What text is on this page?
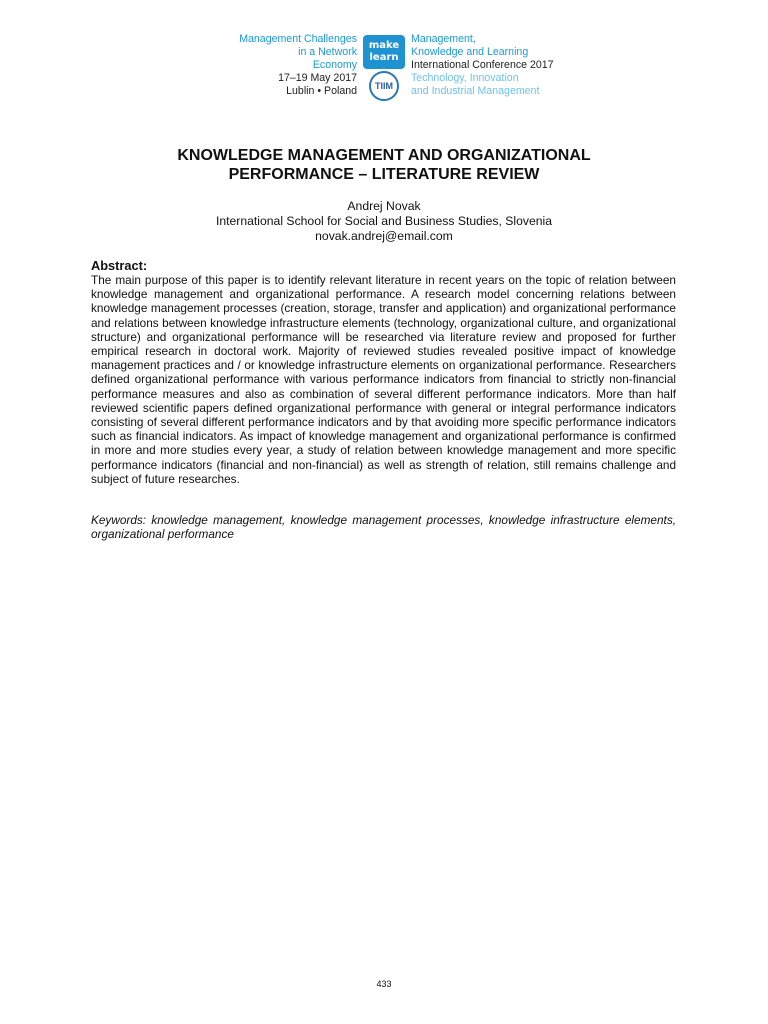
Management Challenges
in a Network
Economy
17–19 May 2017
Lublin • Poland
make
learn
TIIM
Management,
Knowledge and Learning
International Conference 2017
Technology, Innovation
and Industrial Management
KNOWLEDGE MANAGEMENT AND ORGANIZATIONAL
PERFORMANCE – LITERATURE REVIEW
Andrej Novak
International School for Social and Business Studies, Slovenia
novak.andrej@email.com
Abstract:
The main purpose of this paper is to identify relevant literature in recent years on the topic of relation between knowledge management and organizational performance. A research model concerning relations between knowledge management processes (creation, storage, transfer and application) and organizational performance and relations between knowledge infrastructure elements (technology, organizational culture, and organizational structure) and organizational performance will be researched via literature review and proposed for further empirical research in doctoral work. Majority of reviewed studies revealed positive impact of knowledge management practices and / or knowledge infrastructure elements on organizational performance. Researchers defined organizational performance with various performance indicators from financial to strictly non-financial performance measures and also as combination of several different performance indicators. More than half reviewed scientific papers defined organizational performance with general or integral performance indicators consisting of several different performance indicators and by that avoiding more specific performance indicators such as financial indicators. As impact of knowledge management and organizational performance is confirmed in more and more studies every year, a study of relation between knowledge management and more specific performance indicators (financial and non-financial) as well as strength of relation, still remains challenge and subject of future researches.
Keywords: knowledge management, knowledge management processes, knowledge infrastructure elements, organizational performance
433
